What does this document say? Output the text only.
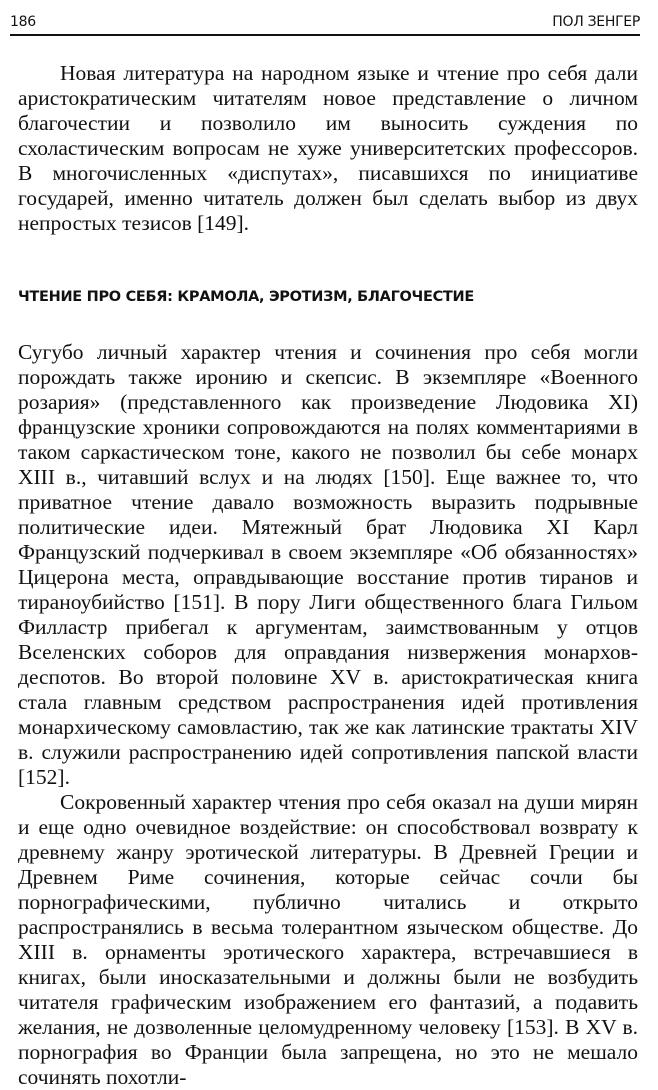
186	ПОЛ ЗЕНГЕР

Новая литература на народном языке и чтение про себя дали аристократическим читателям новое представление о личном благочестии и позволило им выносить суждения по схоластическим вопросам не хуже университетских профессоров. В многочисленных «диспутах», писавшихся по инициативе государей, именно читатель должен был сделать выбор из двух непростых тезисов [149].

ЧТЕНИЕ ПРО СЕБЯ: КРАМОЛА, ЭРОТИЗМ, БЛАГОЧЕСТИЕ

Сугубо личный характер чтения и сочинения про себя могли порождать также иронию и скепсис. В экземпляре «Военного розария» (представленного как произведение Людовика XI) французские хроники сопровождаются на полях комментариями в таком саркастическом тоне, какого не позволил бы себе монарх XIII в., читавший вслух и на людях [150]. Еще важнее то, что приватное чтение давало возможность выразить подрывные политические идеи. Мятежный брат Людовика XI Карл Французский подчеркивал в своем экземпляре «Об обязанностях» Цицерона места, оправдывающие восстание против тиранов и тираноубийство [151]. В пору Лиги общественного блага Гильом Филластр прибегал к аргументам, заимствованным у отцов Вселенских соборов для оправдания низвержения монархов-деспотов. Во второй половине XV в. аристократическая книга стала главным средством распространения идей противления монархическому самовластию, так же как латинские трактаты XIV в. служили распространению идей сопротивления папской власти [152].

Сокровенный характер чтения про себя оказал на души мирян и еще одно очевидное воздействие: он способствовал возврату к древнему жанру эротической литературы. В Древней Греции и Древнем Риме сочинения, которые сейчас сочли бы порнографическими, публично читались и открыто распространялись в весьма толерантном языческом обществе. До XIII в. орнаменты эротического характера, встречавшиеся в книгах, были иносказательными и должны были не возбудить читателя графическим изображением его фантазий, а подавить желания, не дозволенные целомудренному человеку [153]. В XV в. порнография во Франции была запрещена, но это не мешало сочинять похотли-
